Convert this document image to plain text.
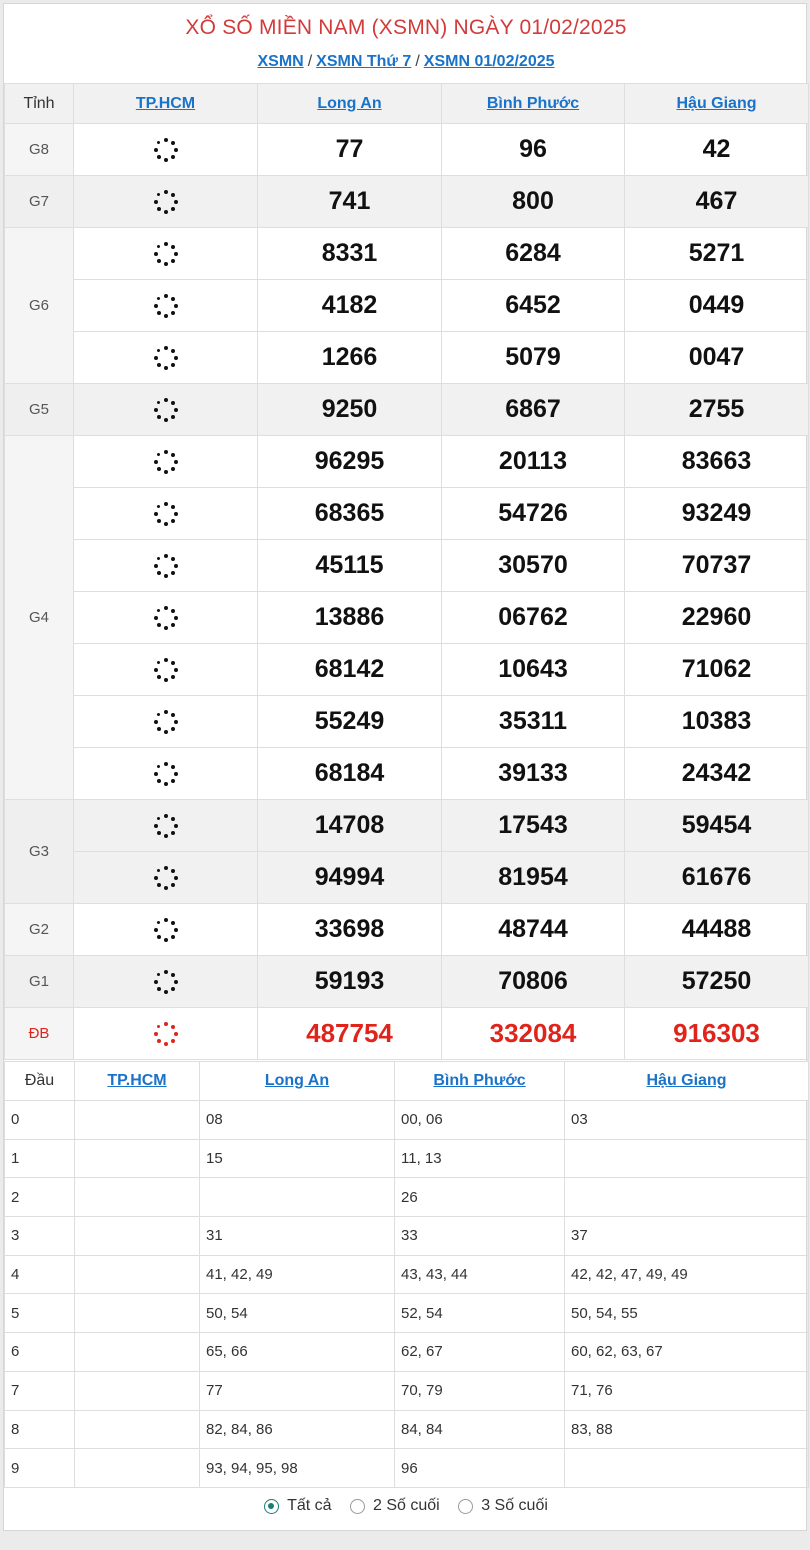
XỔ SỐ MIỀN NAM (XSMN) NGÀY 01/02/2025
XSMN / XSMN Thứ 7 / XSMN 01/02/2025
Tỉnh	TP.HCM	Long An	Bình Phước	Hậu Giang
G8		77	96	42
G7		741	800	467
G6		8331	6284	5271

		4182	6452	0449

		1266	5079	0047
G5		9250	6867	2755
G4		96295	20113	83663

		68365	54726	93249

		45115	30570	70737

		13886	06762	22960

		68142	10643	71062

		55249	35311	10383

		68184	39133	24342
G3		14708	17543	59454

		94994	81954	61676
G2		33698	48744	44488
G1		59193	70806	57250
ĐB		487754	332084	916303
Đầu	TP.HCM	Long An	Bình Phước	Hậu Giang
0		08	00, 06	03
1		15	11, 13	
2			26	
3		31	33	37
4		41, 42, 49	43, 43, 44	42, 42, 47, 49, 49
5		50, 54	52, 54	50, 54, 55
6		65, 66	62, 67	60, 62, 63, 67
7		77	70, 79	71, 76
8		82, 84, 86	84, 84	83, 88
9		93, 94, 95, 98	96	
Tất cả
	2 Số cuối
	3 Số cuối
